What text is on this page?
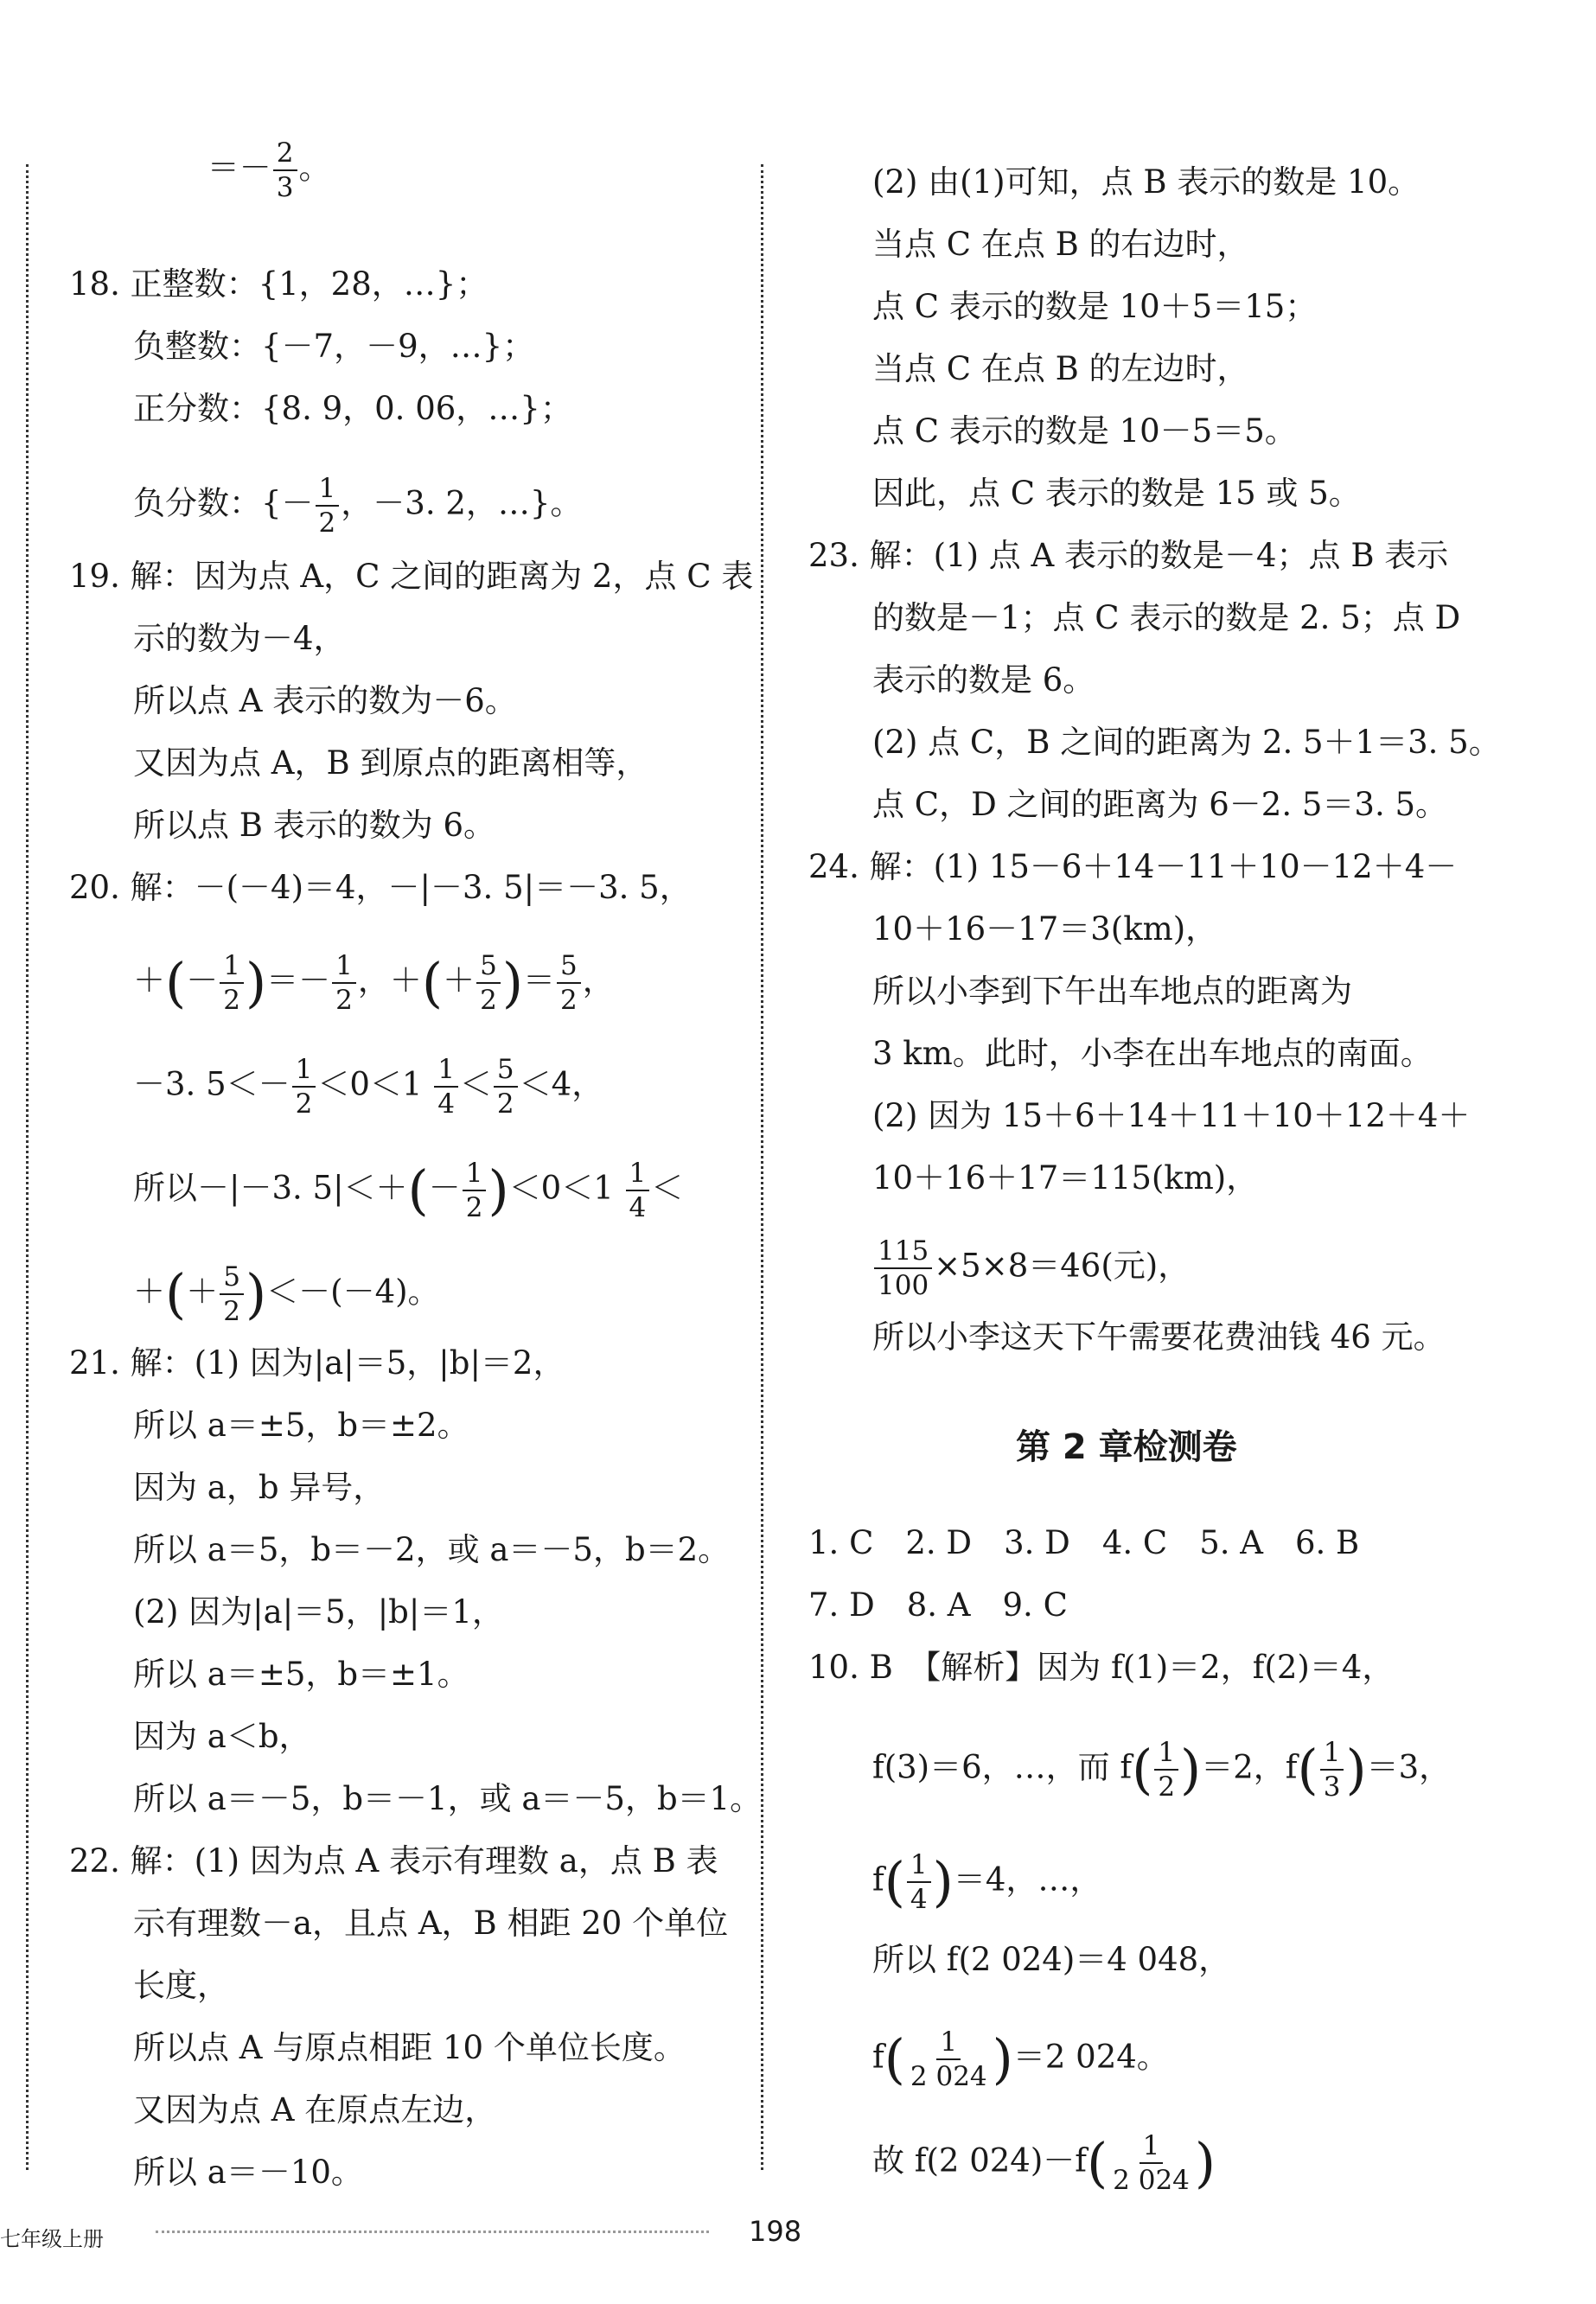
　　 ＝－ $\frac{2}{3}$ 。
18. 正整数：{1，28，…}；
负整数：{－7，－9，…}；
正分数：{8. 9，0. 06，…}；
负分数：{－ $\frac{1}{2}$ ，－3. 2，…}。
19. 解：因为点 A，C 之间的距离为 2，点 C 表
示的数为－4，
所以点 A 表示的数为－6。
又因为点 A，B 到原点的距离相等，
所以点 B 表示的数为 6。
20. 解：－(－4)＝4，－|－3. 5|＝－3. 5，
＋(－ $\frac{1}{2}$ )＝－ $\frac{1}{2}$ ，＋(＋ $\frac{5}{2}$ )＝ $\frac{5}{2}$ ，
－3. $5<- \frac{1}{2} <0<1 \frac{1}{4} < \frac{5}{2} <4$，
所以－|－3. $5|<+(- \frac{1}{2} )<0<1 \frac{1}{4}$ ＜
＋(＋ $\frac{5}{2} )<-(-4)$。
21. 解：(1) 因为|a|＝5，|b|＝2，
所以 a＝±5，b＝±2。
因为 a，b 异号，
所以 a＝5，b＝－2，或 a＝－5，b＝2。
(2) 因为|a|＝5，|b|＝1，
所以 a＝±5，b＝±1。
因为 a＜b，
所以 a＝－5，b＝－1，或 a＝－5，b＝1。
22. 解：(1) 因为点 A 表示有理数 a，点 B 表
示有理数－a，且点 A，B 相距 20 个单位
长度，
所以点 A 与原点相距 10 个单位长度。
又因为点 A 在原点左边，
所以 a＝－10。
(2) 由(1)可知，点 B 表示的数是 10。
当点 C 在点 B 的右边时，
点 C 表示的数是 10＋5＝15；
当点 C 在点 B 的左边时，
点 C 表示的数是 10－5＝5。
因此，点 C 表示的数是 15 或 5。
23. 解：(1) 点 A 表示的数是－4；点 B 表示
的数是－1；点 C 表示的数是 2. 5；点 D
表示的数是 6。
(2) 点 C，B 之间的距离为 2. 5＋1＝3. 5。
点 C，D 之间的距离为 6－2. 5＝3. 5。
24. 解：(1) 15－6＋14－11＋10－12＋4－
10＋16－17＝3(km)，
所以小李到下午出车地点的距离为
3 km。此时，小李在出车地点的南面。
(2) 因为 15＋6＋14＋11＋10＋12＋4＋
10＋16＋17＝115(km)，
$\frac{115}{100} \times 5\times 8=46$(元)，
所以小李这天下午需要花费油钱 46 元。
1. C　2. D　3. D　4. C　5. A　6. B
7. D　8. A　9. C
10. B　【解析】因为 f(1)＝2，f(2)＝4，
f(3)＝6，…，而 $f( \frac{1}{2} )=2$，$f( \frac{1}{3} )=3$，
$f( \frac{1}{4} )=4$，…，
所以 f(2 024)＝4 048，
$f( \frac{1}{2 024} )=2$ 024。
故 f(2 $024)-f( \frac{1}{2 024}$ )
第 2 章检测卷
七年级上册	198
